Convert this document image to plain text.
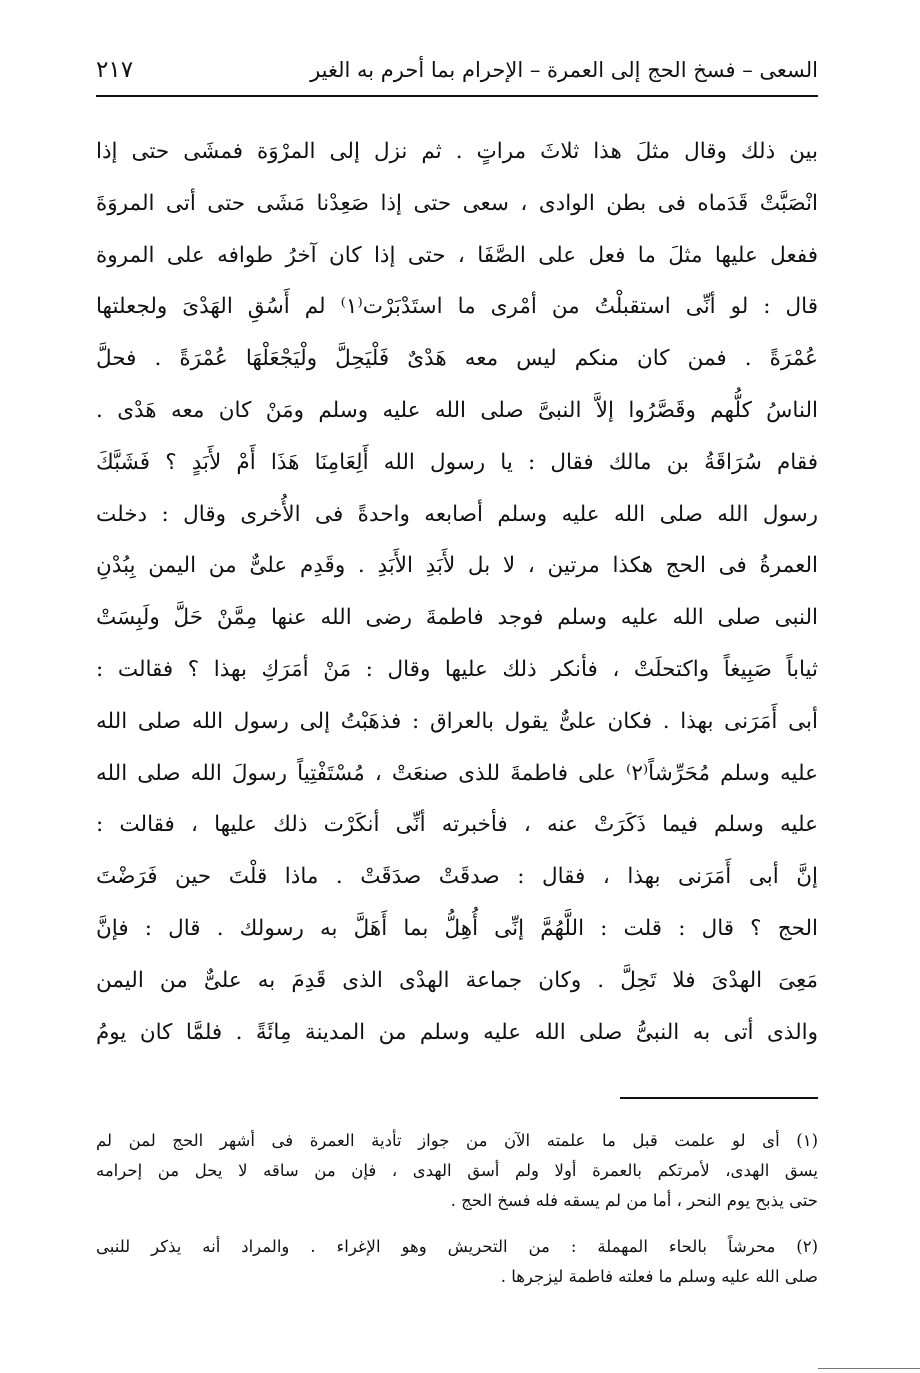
السعى – فسخ الحج إلى العمرة – الإحرام بما أحرم به الغير
٢١٧
بين ذلك وقال مثلَ هذا ثلاثَ مراتٍ . ثم نزل إلى المرْوَة فمشَى حتى إذا
انْصَبَّتْ قَدَماه فى بطن الوادى ، سعى حتى إذا صَعِدْنا مَشَى حتى أتى المروَةَ
ففعل عليها مثلَ ما فعل على الصَّفَا ، حتى إذا كان آخرُ طوافه على المروة
قال : لو أنِّى استقبلْتُ من أمْرى ما استَدْبَرْت⁽١⁾ لم أَسُقِ الهَدْىَ ولجعلتها
عُمْرَةً . فمن كان منكم ليس معه هَدْىٌ فَلْيَحِلَّ ولْيَجْعَلْهَا عُمْرَةً . فحلَّ
الناسُ كلُّهم وقَصَّرُوا إلاَّ النبىَّ صلى الله عليه وسلم ومَنْ كان معه هَدْى .
فقام سُرَاقَةُ بن مالك فقال : يا رسول الله أَلِعَامِنَا هَذَا أَمْ لأَبَدٍ ؟ فَشَبَّكَ
رسول الله صلى الله عليه وسلم أصابعه واحدةً فى الأُخرى وقال : دخلت
العمرةُ فى الحج هكذا مرتين ، لا بل لأَبَدِ الأَبَدِ . وقَدِم علىٌّ من اليمن بِبُدْنِ
النبى صلى الله عليه وسلم فوجد فاطمةَ رضى الله عنها مِمَّنْ حَلَّ ولَبِسَتْ
ثياباً صَبِيغاً واكتحلَتْ ، فأنكر ذلك عليها وقال : مَنْ أمَرَكِ بهذا ؟ فقالت :
أبى أَمَرَنى بهذا . فكان علىٌّ يقول بالعراق : فذهَبْتُ إلى رسول الله صلى الله
عليه وسلم مُحَرِّشاً⁽٢⁾ على فاطمةَ للذى صنعَتْ ، مُسْتَفْتِياً رسولَ الله صلى الله
عليه وسلم فيما ذَكَرَتْ عنه ، فأخبرته أنِّى أنكَرْت ذلك عليها ، فقالت :
إنَّ أبى أَمَرَنى بهذا ، فقال : صدقَتْ صدَقَتْ . ماذا قلْتَ حين فَرَضْتَ
الحج ؟ قال : قلت : اللَّهُمَّ إنِّى أُهِلُّ بما أَهَلَّ به رسولك . قال : فإنَّ
مَعِىَ الهدْىَ فلا تَحِلَّ . وكان جماعة الهدْى الذى قَدِمَ به علىٌّ من اليمن
والذى أتى به النبىُّ صلى الله عليه وسلم من المدينة مِائَةً . فلمَّا كان يومُ
(١) أى لو علمت قبل ما علمته الآن من جواز تأدية العمرة فى أشهر الحج لمن لم
يسق الهدى، لأمرتكم بالعمرة أولا ولم أسق الهدى ، فإن من ساقه لا يحل من إحرامه
حتى يذبح يوم النحر ، أما من لم يسقه فله فسخ الحج .
(٢) محرشاً بالحاء المهملة : من التحريش وهو الإغراء . والمراد أنه يذكر للنبى
صلى الله عليه وسلم ما فعلته فاطمة ليزجرها .
